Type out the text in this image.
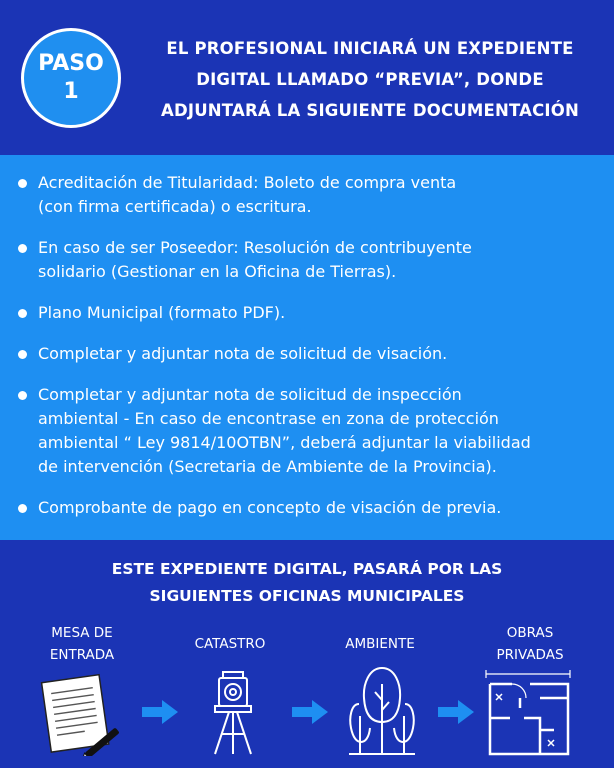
PASO
1
EL PROFESIONAL INICIARÁ UN EXPEDIENTE
DIGITAL LLAMADO “PREVIA”, DONDE
ADJUNTARÁ LA SIGUIENTE DOCUMENTACIÓN
Acreditación de Titularidad: Boleto de compra venta
(con firma certificada) o escritura.
En caso de ser Poseedor: Resolución de contribuyente
solidario (Gestionar en la Oficina de Tierras).
Plano Municipal (formato PDF).
Completar y adjuntar nota de solicitud de visación.
Completar y adjuntar nota de solicitud de inspección
ambiental - En caso de encontrase en zona de protección
ambiental “ Ley 9814/10OTBN”, deberá adjuntar la viabilidad
de intervención (Secretaria de Ambiente de la Provincia).
Comprobante de pago en concepto de visación de previa.
ESTE EXPEDIENTE DIGITAL, PASARÁ POR LAS
SIGUIENTES OFICINAS MUNICIPALES
MESA DE
ENTRADA
CATASTRO	AMBIENTE
OBRAS
PRIVADAS
